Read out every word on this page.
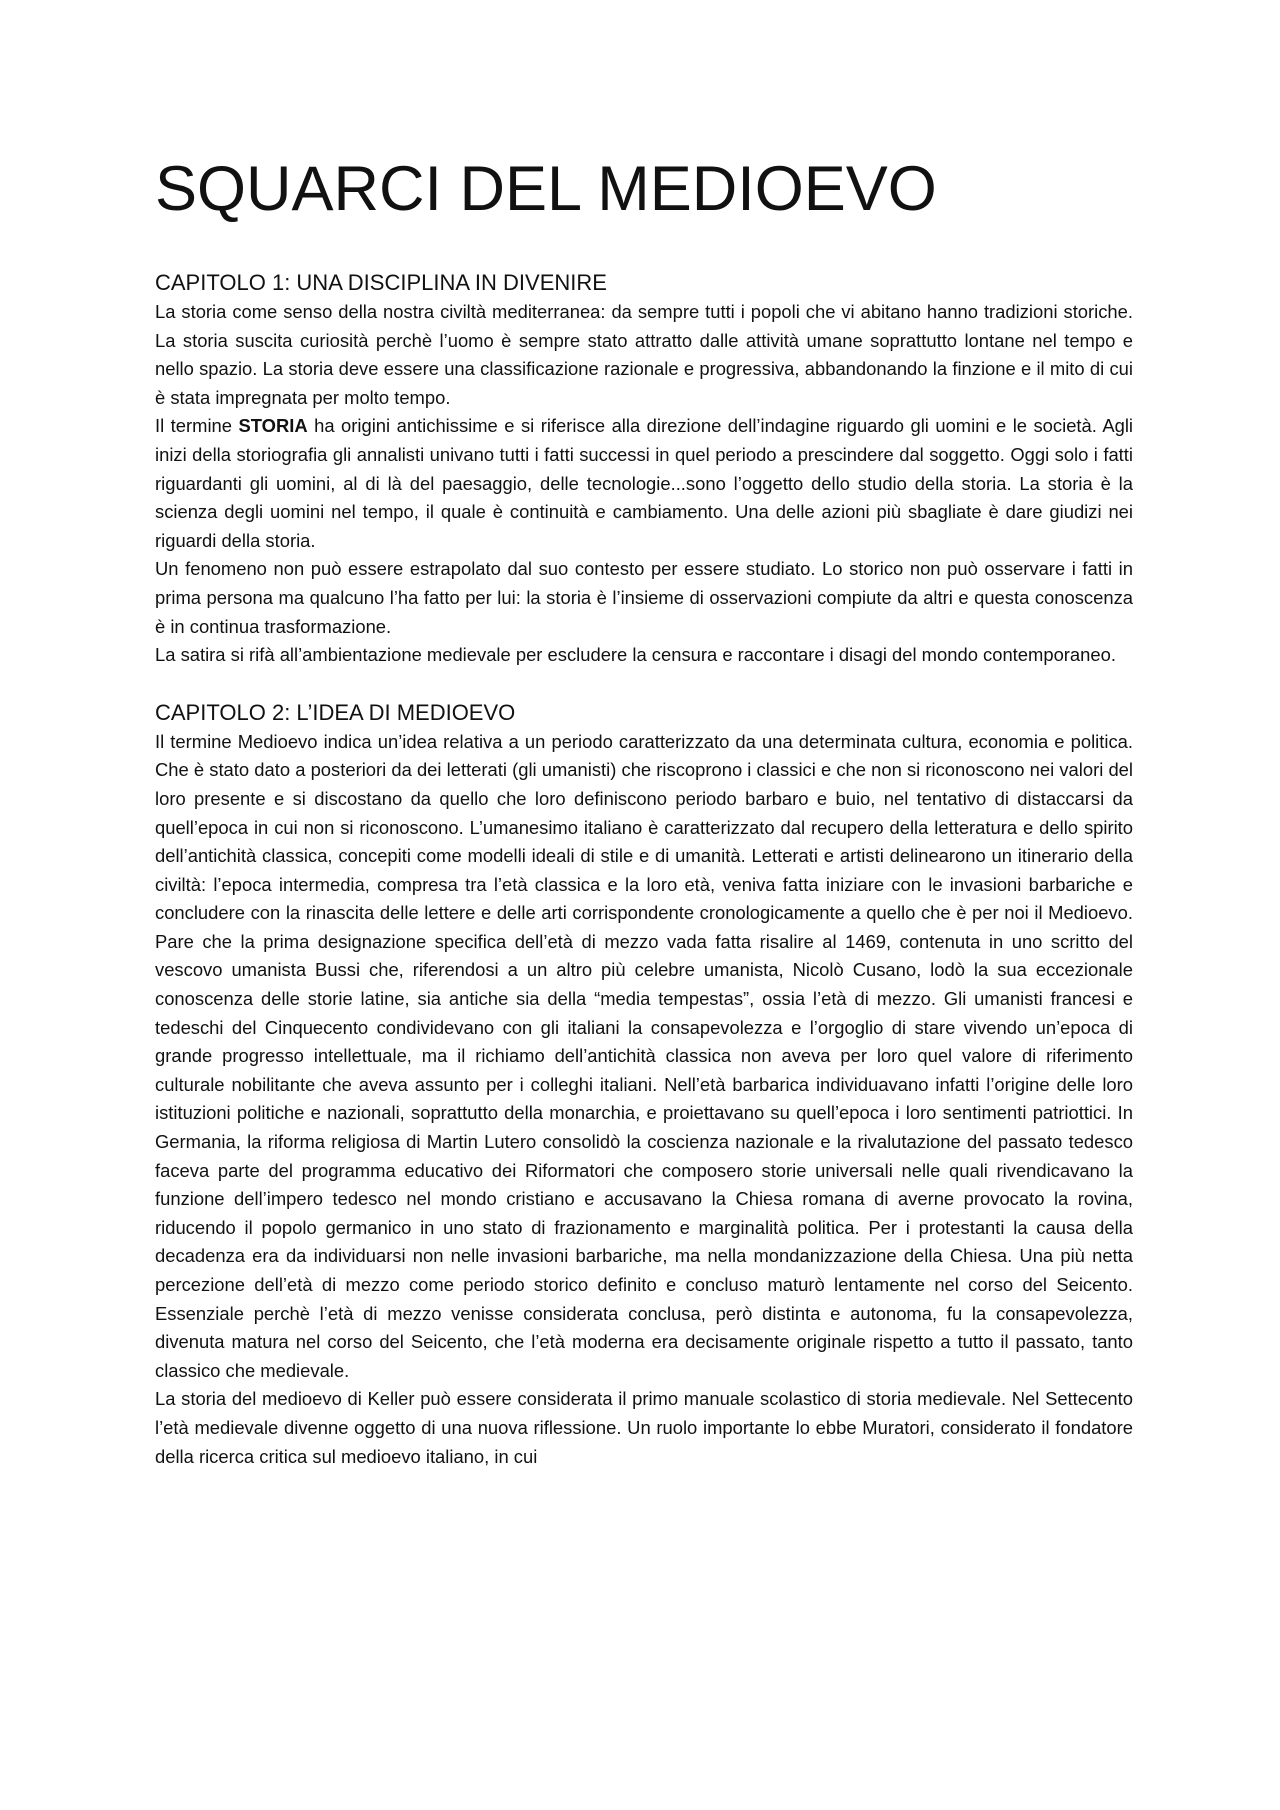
SQUARCI DEL MEDIOEVO
CAPITOLO 1: UNA DISCIPLINA IN DIVENIRE

La storia come senso della nostra civiltà mediterranea: da sempre tutti i popoli che vi abitano hanno tradizioni storiche. La storia suscita curiosità perchè l’uomo è sempre stato attratto dalle attività umane soprattutto lontane nel tempo e nello spazio. La storia deve essere una classificazione razionale e progressiva, abbandonando la finzione e il mito di cui è stata impregnata per molto tempo.

Il termine STORIA ha origini antichissime e si riferisce alla direzione dell’indagine riguardo gli uomini e le società. Agli inizi della storiografia gli annalisti univano tutti i fatti successi in quel periodo a prescindere dal soggetto. Oggi solo i fatti riguardanti gli uomini, al di là del paesaggio, delle tecnologie...sono l’oggetto dello studio della storia. La storia è la scienza degli uomini nel tempo, il quale è continuità e cambiamento. Una delle azioni più sbagliate è dare giudizi nei riguardi della storia.

Un fenomeno non può essere estrapolato dal suo contesto per essere studiato. Lo storico non può osservare i fatti in prima persona ma qualcuno l’ha fatto per lui: la storia è l’insieme di osservazioni compiute da altri e questa conoscenza è in continua trasformazione.

La satira si rifà all’ambientazione medievale per escludere la censura e raccontare i disagi del mondo contemporaneo.

CAPITOLO 2: L’IDEA DI MEDIOEVO

Il termine Medioevo indica un’idea relativa a un periodo caratterizzato da una determinata cultura, economia e politica. Che è stato dato a posteriori da dei letterati (gli umanisti) che riscoprono i classici e che non si riconoscono nei valori del loro presente e si discostano da quello che loro definiscono periodo barbaro e buio, nel tentativo di distaccarsi da quell’epoca in cui non si riconoscono. L’umanesimo italiano è caratterizzato dal recupero della letteratura e dello spirito dell’antichità classica, concepiti come modelli ideali di stile e di umanità. Letterati e artisti delinearono un itinerario della civiltà: l’epoca intermedia, compresa tra l’età classica e la loro età, veniva fatta iniziare con le invasioni barbariche e concludere con la rinascita delle lettere e delle arti corrispondente cronologicamente a quello che è per noi il Medioevo. Pare che la prima designazione specifica dell’età di mezzo vada fatta risalire al 1469, contenuta in uno scritto del vescovo umanista Bussi che, riferendosi a un altro più celebre umanista, Nicolò Cusano, lodò la sua eccezionale conoscenza delle storie latine, sia antiche sia della “media tempestas”, ossia l’età di mezzo. Gli umanisti francesi e tedeschi del Cinquecento condividevano con gli italiani la consapevolezza e l’orgoglio di stare vivendo un’epoca di grande progresso intellettuale, ma il richiamo dell’antichità classica non aveva per loro quel valore di riferimento culturale nobilitante che aveva assunto per i colleghi italiani. Nell’età barbarica individuavano infatti l’origine delle loro istituzioni politiche e nazionali, soprattutto della monarchia, e proiettavano su quell’epoca i loro sentimenti patriottici. In Germania, la riforma religiosa di Martin Lutero consolidò la coscienza nazionale e la rivalutazione del passato tedesco faceva parte del programma educativo dei Riformatori che composero storie universali nelle quali rivendicavano la funzione dell’impero tedesco nel mondo cristiano e accusavano la Chiesa romana di averne provocato la rovina, riducendo il popolo germanico in uno stato di frazionamento e marginalità politica. Per i protestanti la causa della decadenza era da individuarsi non nelle invasioni barbariche, ma nella mondanizzazione della Chiesa. Una più netta percezione dell’età di mezzo come periodo storico definito e concluso maturò lentamente nel corso del Seicento. Essenziale perchè l’età di mezzo venisse considerata conclusa, però distinta e autonoma, fu la consapevolezza, divenuta matura nel corso del Seicento, che l’età moderna era decisamente originale rispetto a tutto il passato, tanto classico che medievale.

La storia del medioevo di Keller può essere considerata il primo manuale scolastico di storia medievale. Nel Settecento l’età medievale divenne oggetto di una nuova riflessione. Un ruolo importante lo ebbe Muratori, considerato il fondatore della ricerca critica sul medioevo italiano, in cui
